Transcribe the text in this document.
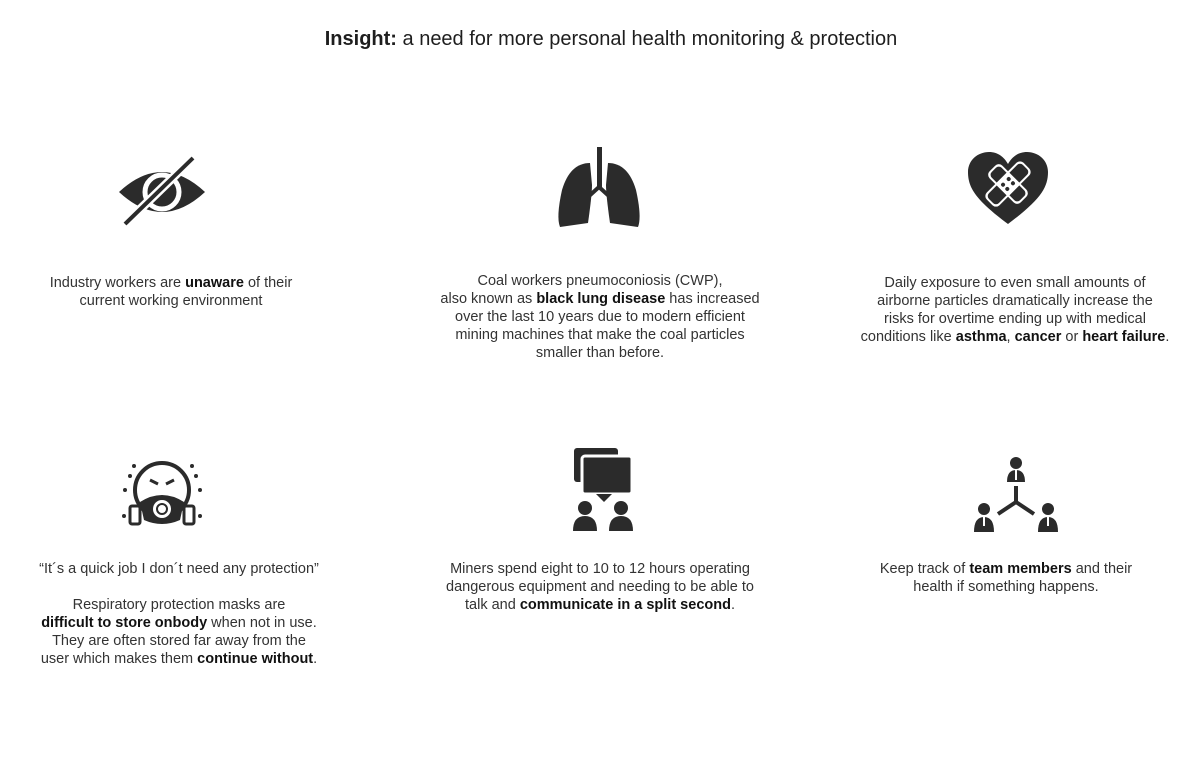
Insight: a need for more personal health monitoring & protection

Industry workers are unaware of their

current working environment

Coal workers pneumoconiosis (CWP),

also known as black lung disease has increased

over the last 10 years due to modern efficient

mining machines that make the coal particles

smaller than before.

Daily exposure to even small amounts of

airborne particles dramatically increase the

risks for overtime ending up with medical

conditions like asthma, cancer or heart failure.

“It´s a quick job I don´t need any protection”

Respiratory protection masks are

difficult to store onbody when not in use.

They are often stored far away from the

user which makes them continue without.

Miners spend eight to 10 to 12 hours operating

dangerous equipment and needing to be able to

talk and communicate in a split second.

Keep track of team members and their

health if something happens.
